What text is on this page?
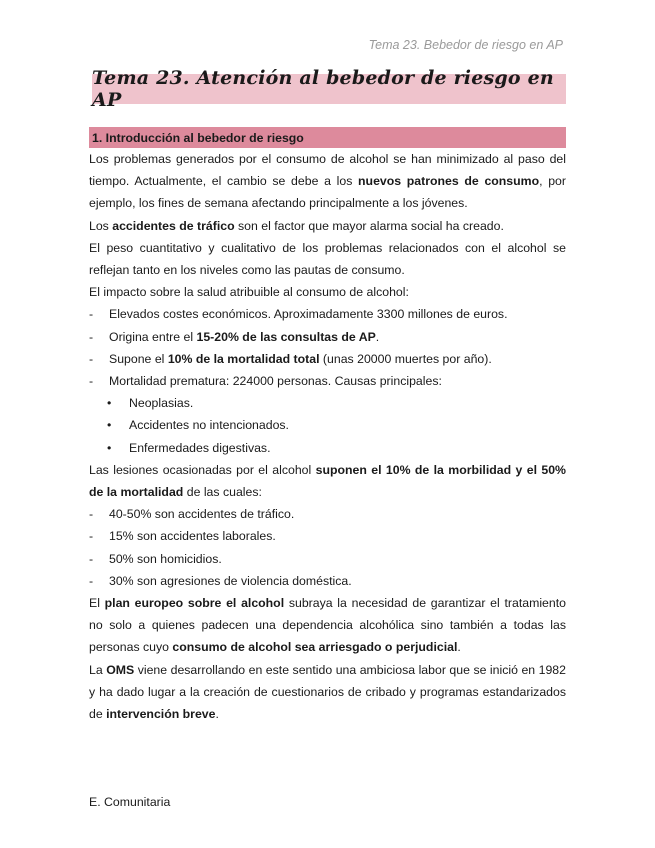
Tema 23. Bebedor de riesgo en AP
Tema 23. Atención al bebedor de riesgo en AP
1. Introducción al bebedor de riesgo

Los problemas generados por el consumo de alcohol se han minimizado al paso del tiempo. Actualmente, el cambio se debe a los nuevos patrones de consumo, por ejemplo, los fines de semana afectando principalmente a los jóvenes.

Los accidentes de tráfico son el factor que mayor alarma social ha creado.

El peso cuantitativo y cualitativo de los problemas relacionados con el alcohol se reflejan tanto en los niveles como las pautas de consumo.

El impacto sobre la salud atribuible al consumo de alcohol:

-	Elevados costes económicos. Aproximadamente 3300 millones de euros.
-	Origina entre el 15-20% de las consultas de AP.
-	Supone el 10% de la mortalidad total (unas 20000 muertes por año).
-	Mortalidad prematura: 224000 personas. Causas principales:
•	Neoplasias.
•	Accidentes no intencionados.
•	Enfermedades digestivas.

Las lesiones ocasionadas por el alcohol suponen el 10% de la morbilidad y el 50% de la mortalidad de las cuales:

-	40-50% son accidentes de tráfico.
-	15% son accidentes laborales.
-	50% son homicidios.
-	30% son agresiones de violencia doméstica.

El plan europeo sobre el alcohol subraya la necesidad de garantizar el tratamiento no solo a quienes padecen una dependencia alcohólica sino también a todas las personas cuyo consumo de alcohol sea arriesgado o perjudicial.

La OMS viene desarrollando en este sentido una ambiciosa labor que se inició en 1982 y ha dado lugar a la creación de cuestionarios de cribado y programas estandarizados de intervención breve.

E. Comunitaria
